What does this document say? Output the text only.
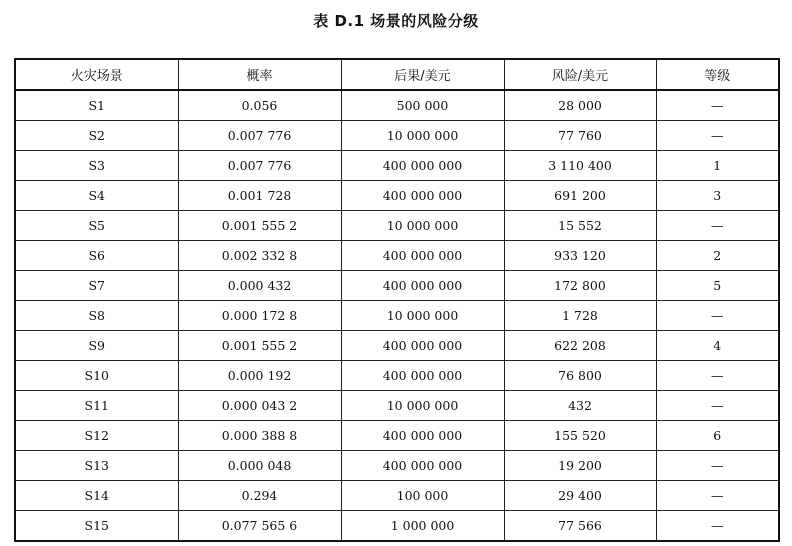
表 D.1 场景的风险分级
火灾场景	概率	后果/美元	风险/美元	等级
S1	0.056	500 000	28 000	—
S2	0.007 776	10 000 000	77 760	—
S3	0.007 776	400 000 000	3 110 400	1
S4	0.001 728	400 000 000	691 200	3
S5	0.001 555 2	10 000 000	15 552	—
S6	0.002 332 8	400 000 000	933 120	2
S7	0.000 432	400 000 000	172 800	5
S8	0.000 172 8	10 000 000	1 728	—
S9	0.001 555 2	400 000 000	622 208	4
S10	0.000 192	400 000 000	76 800	—
S11	0.000 043 2	10 000 000	432	—
S12	0.000 388 8	400 000 000	155 520	6
S13	0.000 048	400 000 000	19 200	—
S14	0.294	100 000	29 400	—
S15	0.077 565 6	1 000 000	77 566	—
